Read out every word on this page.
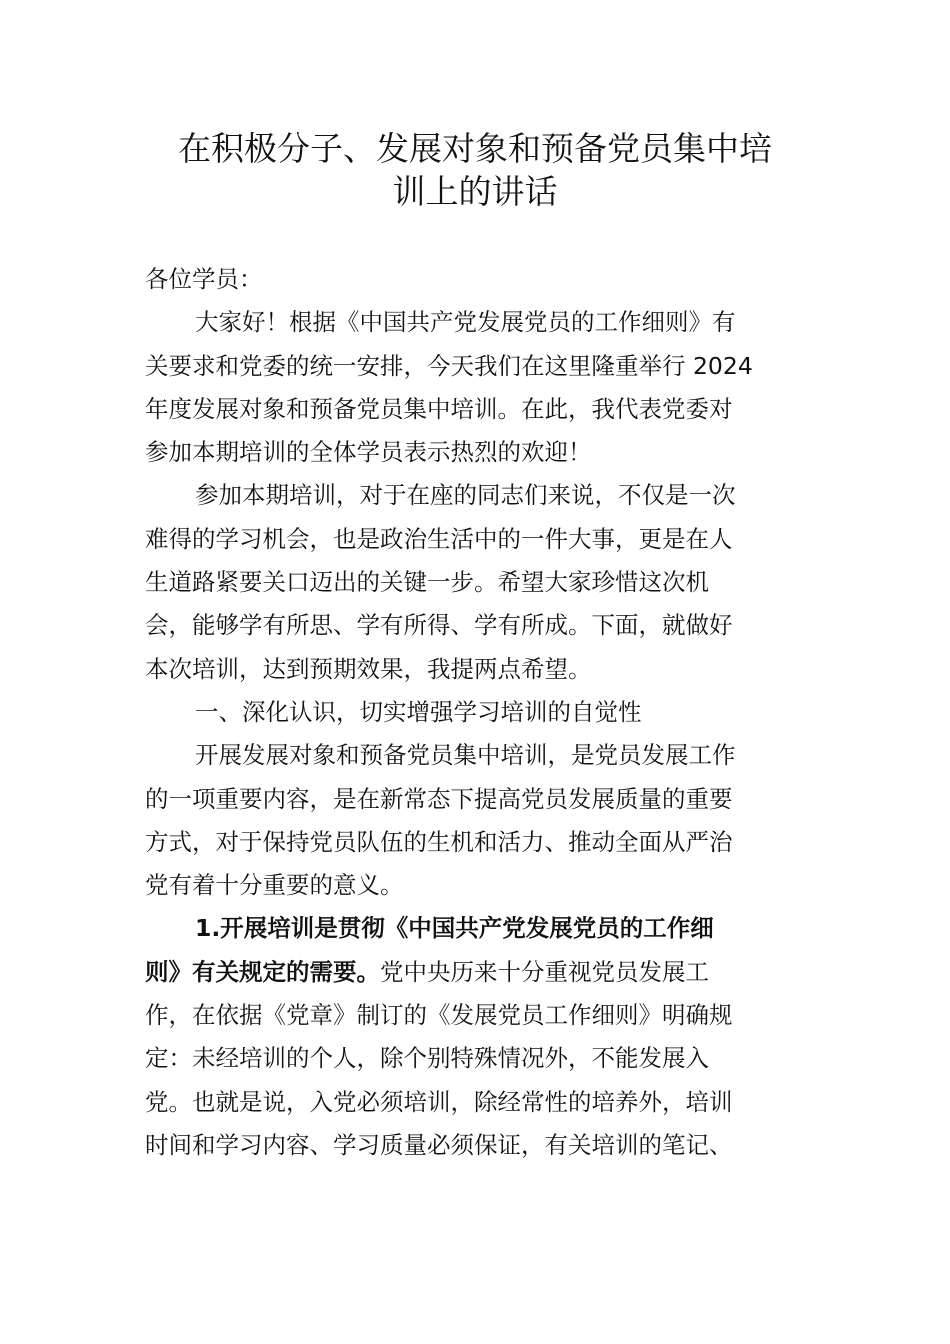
在积极分子、发展对象和预备党员集中培
训上的讲话
各位学员：
大家好！根据《中国共产党发展党员的工作细则》有
关要求和党委的统一安排，今天我们在这里隆重举行 2024
年度发展对象和预备党员集中培训。在此，我代表党委对
参加本期培训的全体学员表示热烈的欢迎！
参加本期培训，对于在座的同志们来说，不仅是一次
难得的学习机会，也是政治生活中的一件大事，更是在人
生道路紧要关口迈出的关键一步。希望大家珍惜这次机
会，能够学有所思、学有所得、学有所成。下面，就做好
本次培训，达到预期效果，我提两点希望。
一、深化认识，切实增强学习培训的自觉性
开展发展对象和预备党员集中培训，是党员发展工作
的一项重要内容，是在新常态下提高党员发展质量的重要
方式，对于保持党员队伍的生机和活力、推动全面从严治
党有着十分重要的意义。
1.开展培训是贯彻《中国共产党发展党员的工作细
则》有关规定的需要。党中央历来十分重视党员发展工
作，在依据《党章》制订的《发展党员工作细则》明确规
定：未经培训的个人，除个别特殊情况外，不能发展入
党。也就是说，入党必须培训，除经常性的培养外，培训
时间和学习内容、学习质量必须保证，有关培训的笔记、
